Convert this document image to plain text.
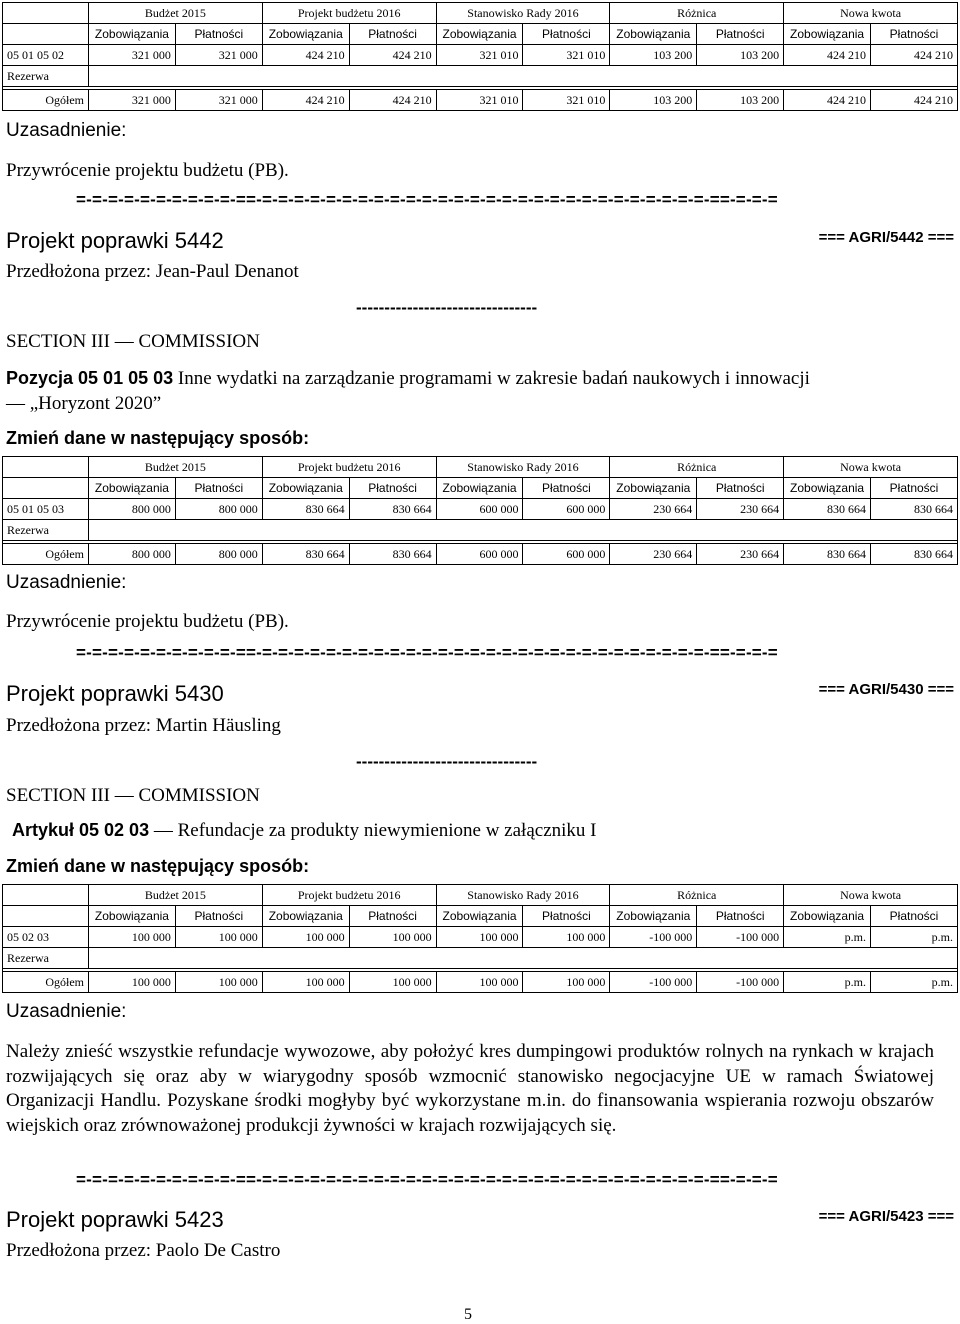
	Budżet 2015		Projekt budżetu 2016		Stanowisko Rady 2016		Różnica		Nowa kwota	
	Zobowiązania	Płatności	Zobowiązania	Płatności	Zobowiązania	Płatności	Zobowiązania	Płatności	Zobowiązania	Płatności
05 01 05 02	321 000	321 000	424 210	424 210	321 010	321 010	103 200	103 200	424 210	424 210
Rezerwa										

Ogółem	321 000	321 000	424 210	424 210	321 010	321 010	103 200	103 200	424 210	424 210
Uzasadnienie:
Przywrócenie projektu budżetu (PB).
=-=-=-=-=-=-=-=-=-=-==-=-=-=-=-=-=-=-=-=-=-=-=-=-=-=-=-=-=-=-=-=-=-=-=-=-=-=-=-==-=-=-=
Projekt poprawki 5442	=== AGRI/5442 ===
Przedłożona przez: Jean-Paul Denanot
--------------------------------
SECTION III — COMMISSION
Pozycja 05 01 05 03 Inne wydatki na zarządzanie programami w zakresie badań naukowych i innowacji
— „Horyzont 2020”
Zmień dane w następujący sposób:
	Budżet 2015		Projekt budżetu 2016		Stanowisko Rady 2016		Różnica		Nowa kwota	
	Zobowiązania	Płatności	Zobowiązania	Płatności	Zobowiązania	Płatności	Zobowiązania	Płatności	Zobowiązania	Płatności
05 01 05 03	800 000	800 000	830 664	830 664	600 000	600 000	230 664	230 664	830 664	830 664
Rezerwa										

Ogółem	800 000	800 000	830 664	830 664	600 000	600 000	230 664	230 664	830 664	830 664
Uzasadnienie:
Przywrócenie projektu budżetu (PB).
=-=-=-=-=-=-=-=-=-=-==-=-=-=-=-=-=-=-=-=-=-=-=-=-=-=-=-=-=-=-=-=-=-=-=-=-=-=-=-==-=-=-=
Projekt poprawki 5430	=== AGRI/5430 ===
Przedłożona przez: Martin Häusling
--------------------------------
SECTION III — COMMISSION
Artykuł 05 02 03 — Refundacje za produkty niewymienione w załączniku I
Zmień dane w następujący sposób:
	Budżet 2015		Projekt budżetu 2016		Stanowisko Rady 2016		Różnica		Nowa kwota	
	Zobowiązania	Płatności	Zobowiązania	Płatności	Zobowiązania	Płatności	Zobowiązania	Płatności	Zobowiązania	Płatności
05 02 03	100 000	100 000	100 000	100 000	100 000	100 000	-100 000	-100 000	p.m.	p.m.
Rezerwa										

Ogółem	100 000	100 000	100 000	100 000	100 000	100 000	-100 000	-100 000	p.m.	p.m.
Uzasadnienie:
Należy znieść wszystkie refundacje wywozowe, aby położyć kres dumpingowi produktów rolnych na rynkach w krajach rozwijających się oraz aby w wiarygodny sposób wzmocnić stanowisko negocjacyjne UE w ramach Światowej Organizacji Handlu. Pozyskane środki mogłyby być wykorzystane m.in. do finansowania wspierania rozwoju obszarów wiejskich oraz zrównoważonej produkcji żywności w krajach rozwijających się.
=-=-=-=-=-=-=-=-=-=-==-=-=-=-=-=-=-=-=-=-=-=-=-=-=-=-=-=-=-=-=-=-=-=-=-=-=-=-=-==-=-=-=
Projekt poprawki 5423	=== AGRI/5423 ===
Przedłożona przez: Paolo De Castro
5
